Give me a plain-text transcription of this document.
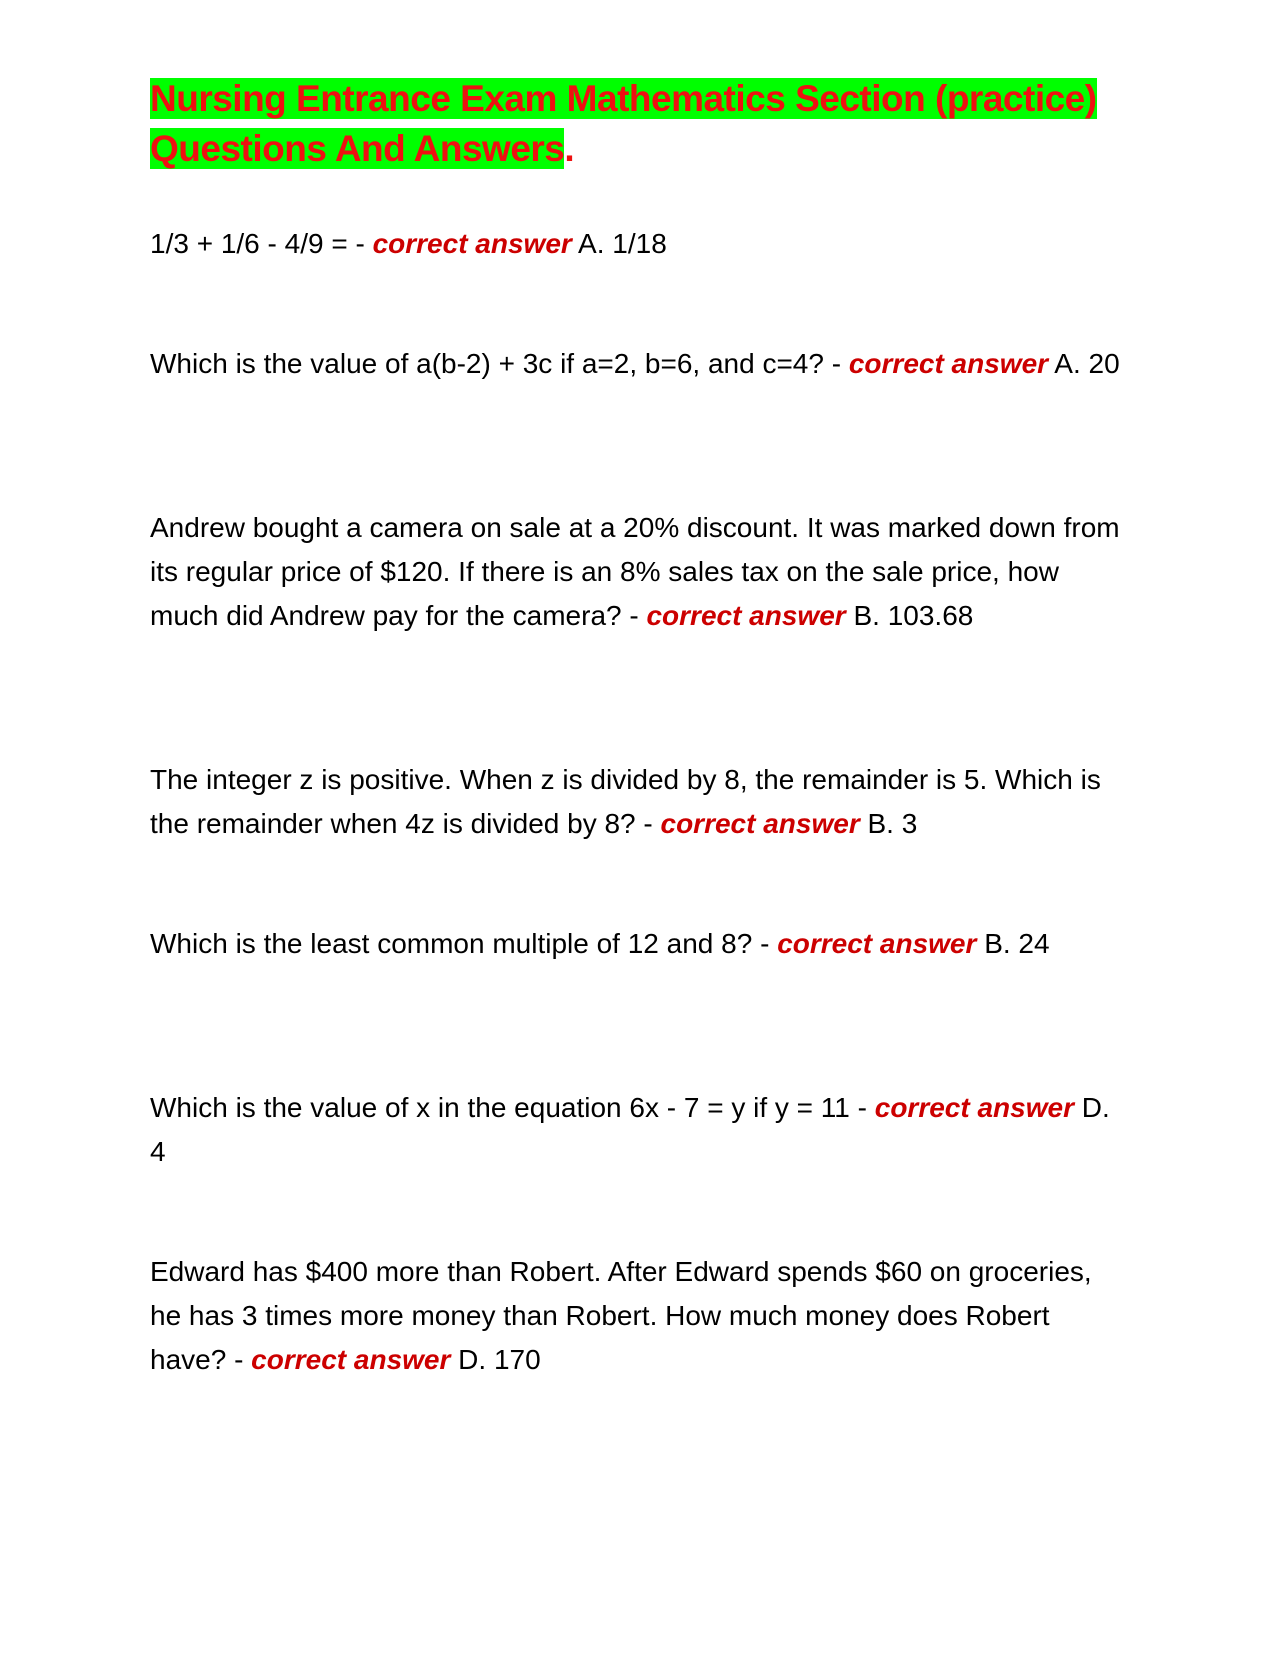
Nursing Entrance Exam Mathematics Section (practice)
Questions And Answers.

1/3 + 1/6 - 4/9 = - correct answer A. 1/18

Which is the value of a(b-2) + 3c if a=2, b=6, and c=4? - correct answer A. 20

Andrew bought a camera on sale at a 20% discount. It was marked down from its regular price of $120. If there is an 8% sales tax on the sale price, how much did Andrew pay for the camera? - correct answer B. 103.68

The integer z is positive. When z is divided by 8, the remainder is 5. Which is the remainder when 4z is divided by 8? - correct answer B. 3

Which is the least common multiple of 12 and 8? - correct answer B. 24

Which is the value of x in the equation 6x - 7 = y if y = 11 - correct answer D. 4

Edward has $400 more than Robert. After Edward spends $60 on groceries, he has 3 times more money than Robert. How much money does Robert have? - correct answer D. 170
